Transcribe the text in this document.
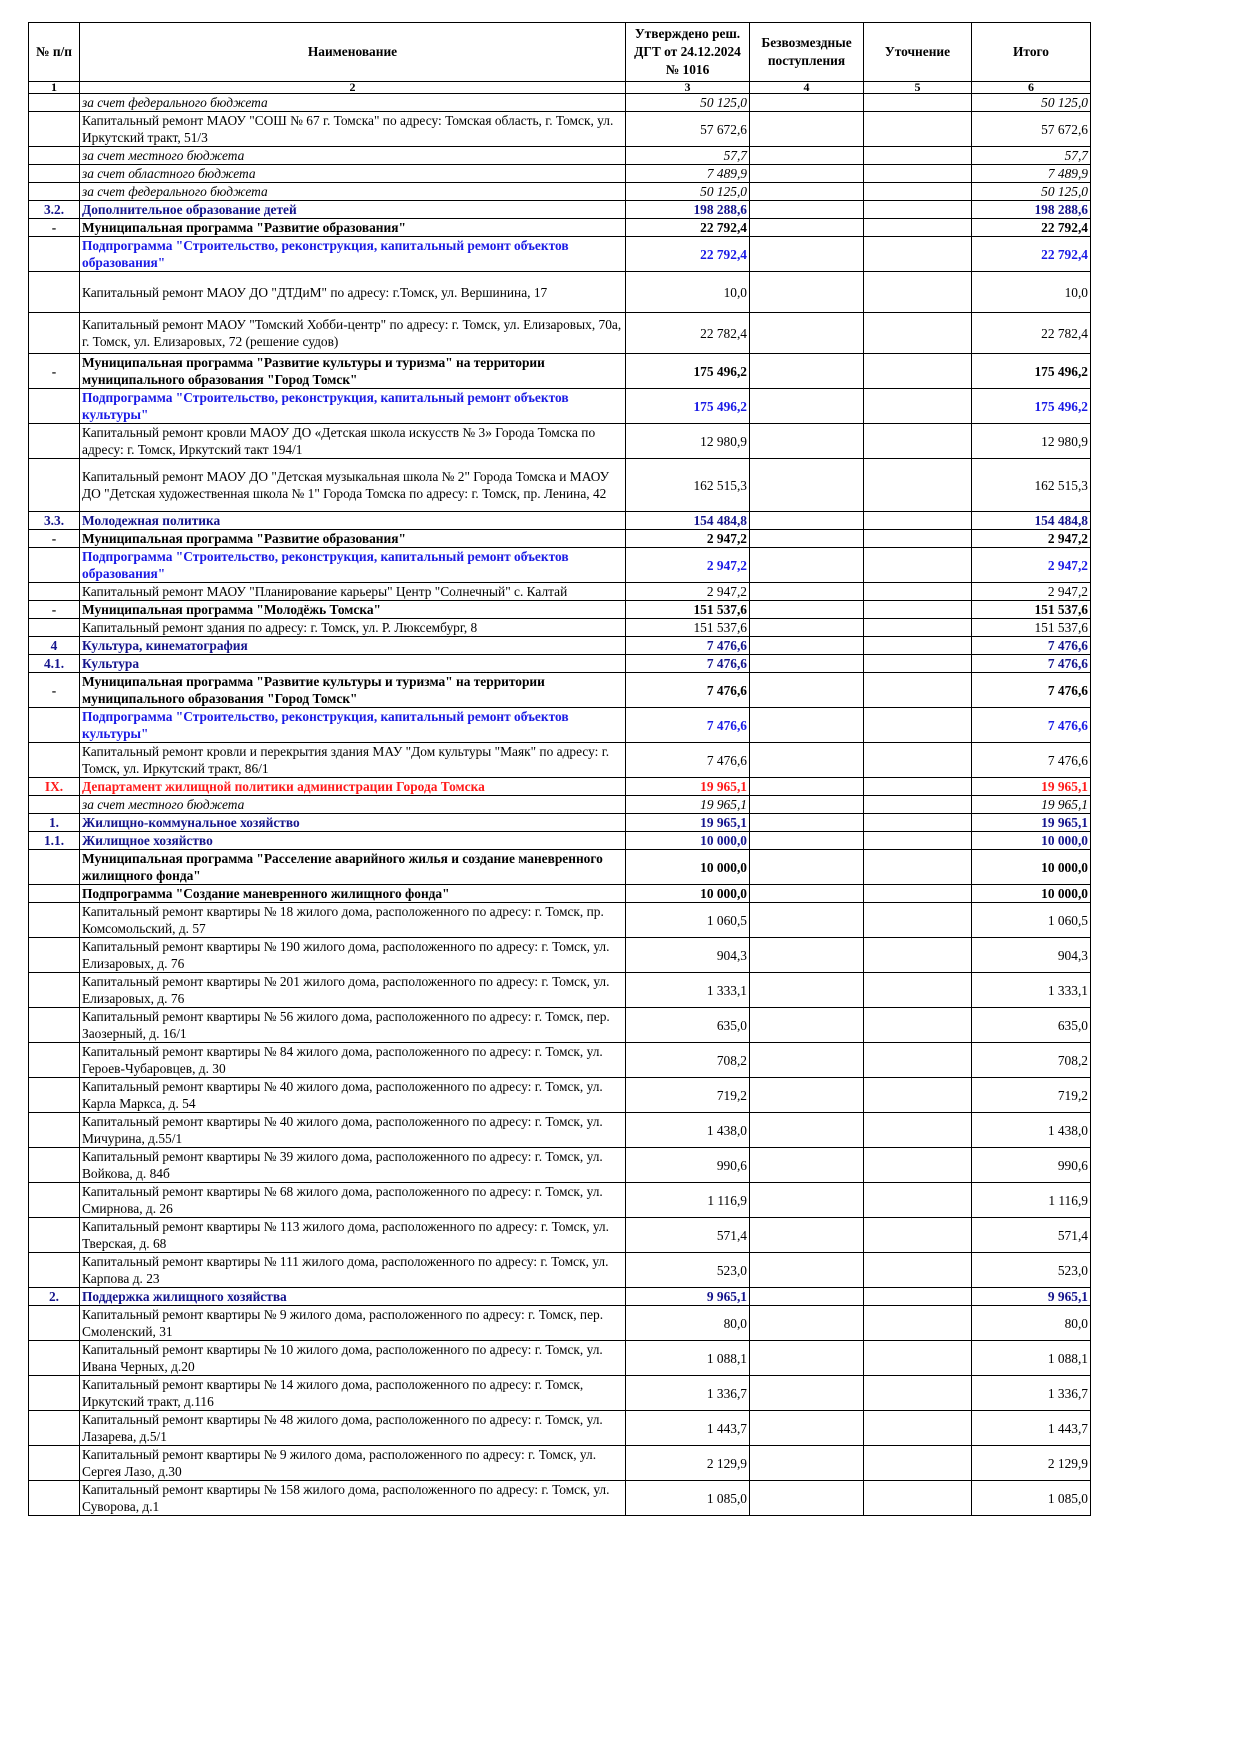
№ п/п	Наименование	Утверждено реш. ДГТ от 24.12.2024 № 1016	Безвозмездные поступления	Уточнение	Итого
1	2	3	4	5	6
	за счет федерального бюджета	50 125,0			50 125,0
	Капитальный ремонт МАОУ "СОШ № 67 г. Томска" по адресу: Томская область, г. Томск, ул. Иркутский тракт, 51/3	57 672,6			57 672,6
	за счет местного бюджета	57,7			57,7
	за счет областного бюджета	7 489,9			7 489,9
	за счет федерального бюджета	50 125,0			50 125,0
3.2.	Дополнительное образование детей	198 288,6			198 288,6
-	Муниципальная программа "Развитие образования"	22 792,4			22 792,4
	Подпрограмма "Строительство, реконструкция, капитальный ремонт объектов образования"	22 792,4			22 792,4
	Капитальный ремонт МАОУ ДО "ДТДиМ" по адресу: г.Томск, ул. Вершинина, 17	10,0			10,0
	Капитальный ремонт МАОУ "Томский Хобби-центр" по адресу: г. Томск, ул. Елизаровых, 70а, г. Томск, ул. Елизаровых, 72 (решение судов)	22 782,4			22 782,4
-	Муниципальная программа "Развитие культуры и туризма" на территории муниципального образования "Город Томск"	175 496,2			175 496,2
	Подпрограмма "Строительство, реконструкция, капитальный ремонт объектов культуры"	175 496,2			175 496,2
	Капитальный ремонт кровли МАОУ ДО «Детская школа искусств № 3» Города Томска по адресу: г. Томск, Иркутский такт 194/1	12 980,9			12 980,9
	Капитальный ремонт МАОУ ДО "Детская музыкальная школа № 2" Города Томска и МАОУ ДО "Детская художественная школа № 1" Города Томска по адресу: г. Томск, пр. Ленина, 42	162 515,3			162 515,3
3.3.	Молодежная политика	154 484,8			154 484,8
-	Муниципальная программа "Развитие образования"	2 947,2			2 947,2
	Подпрограмма "Строительство, реконструкция, капитальный ремонт объектов образования"	2 947,2			2 947,2
	Капитальный ремонт МАОУ "Планирование карьеры" Центр "Солнечный" с. Калтай	2 947,2			2 947,2
-	Муниципальная программа "Молодёжь Томска"	151 537,6			151 537,6
	Капитальный ремонт здания по адресу: г. Томск, ул. Р. Люксембург, 8	151 537,6			151 537,6
4	Культура, кинематография	7 476,6			7 476,6
4.1.	Культура	7 476,6			7 476,6
-	Муниципальная программа "Развитие культуры и туризма" на территории муниципального образования "Город Томск"	7 476,6			7 476,6
	Подпрограмма "Строительство, реконструкция, капитальный ремонт объектов культуры"	7 476,6			7 476,6
	Капитальный ремонт кровли и перекрытия здания МАУ "Дом культуры "Маяк" по адресу: г. Томск, ул. Иркутский тракт, 86/1	7 476,6			7 476,6
IX.	Департамент жилищной политики администрации Города Томска	19 965,1			19 965,1
	за счет местного бюджета	19 965,1			19 965,1
1.	Жилищно-коммунальное хозяйство	19 965,1			19 965,1
1.1.	Жилищное хозяйство	10 000,0			10 000,0
	Муниципальная программа "Расселение аварийного жилья и создание маневренного жилищного фонда"	10 000,0			10 000,0
	Подпрограмма "Создание маневренного жилищного фонда"	10 000,0			10 000,0
	Капитальный ремонт квартиры № 18 жилого дома, расположенного по адресу: г. Томск, пр. Комсомольский, д. 57	1 060,5			1 060,5
	Капитальный ремонт квартиры № 190 жилого дома, расположенного по адресу: г. Томск, ул. Елизаровых, д. 76	904,3			904,3
	Капитальный ремонт квартиры № 201 жилого дома, расположенного по адресу: г. Томск, ул. Елизаровых, д. 76	1 333,1			1 333,1
	Капитальный ремонт квартиры № 56 жилого дома, расположенного по адресу: г. Томск, пер. Заозерный, д. 16/1	635,0			635,0
	Капитальный ремонт квартиры № 84 жилого дома, расположенного по адресу: г. Томск, ул. Героев-Чубаровцев, д. 30	708,2			708,2
	Капитальный ремонт квартиры № 40 жилого дома, расположенного по адресу: г. Томск, ул. Карла Маркса, д. 54	719,2			719,2
	Капитальный ремонт квартиры № 40 жилого дома, расположенного по адресу: г. Томск, ул. Мичурина, д.55/1	1 438,0			1 438,0
	Капитальный ремонт квартиры № 39 жилого дома, расположенного по адресу: г. Томск, ул. Войкова, д. 84б	990,6			990,6
	Капитальный ремонт квартиры № 68 жилого дома, расположенного по адресу: г. Томск, ул. Смирнова, д. 26	1 116,9			1 116,9
	Капитальный ремонт квартиры № 113 жилого дома, расположенного по адресу: г. Томск, ул. Тверская, д. 68	571,4			571,4
	Капитальный ремонт квартиры № 111 жилого дома, расположенного по адресу: г. Томск, ул. Карпова д. 23	523,0			523,0
2.	Поддержка жилищного хозяйства	9 965,1			9 965,1
	Капитальный ремонт квартиры № 9 жилого дома, расположенного по адресу: г. Томск, пер. Смоленский, 31	80,0			80,0
	Капитальный ремонт квартиры № 10 жилого дома, расположенного по адресу: г. Томск, ул. Ивана Черных, д.20	1 088,1			1 088,1
	Капитальный ремонт квартиры № 14 жилого дома, расположенного по адресу: г. Томск, Иркутский тракт, д.116	1 336,7			1 336,7
	Капитальный ремонт квартиры № 48 жилого дома, расположенного по адресу: г. Томск, ул. Лазарева, д.5/1	1 443,7			1 443,7
	Капитальный ремонт квартиры № 9 жилого дома, расположенного по адресу: г. Томск, ул. Сергея Лазо, д.30	2 129,9			2 129,9
	Капитальный ремонт квартиры № 158 жилого дома, расположенного по адресу: г. Томск, ул. Суворова, д.1	1 085,0			1 085,0
